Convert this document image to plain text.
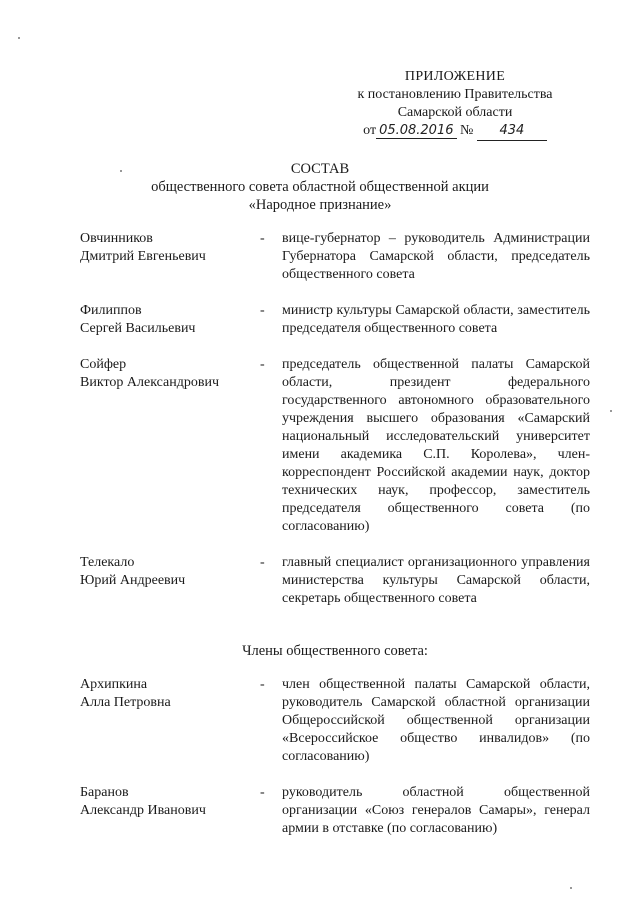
ПРИЛОЖЕНИЕ
к постановлению Правительства
Самарской области
от 05.08.2016 № 434
СОСТАВ
общественного совета областной общественной акции
«Народное признание»
Овчинников
Дмитрий Евгеньевич
-	вице-губернатор – руководитель Администрации Губернатора Самарской области, председатель общественного совета
Филиппов
Сергей Васильевич
-	министр культуры Самарской области, заместитель председателя общественного совета
Сойфер
Виктор Александрович
-	председатель общественной палаты Самарской области, президент федерального государственного автономного образовательного учреждения высшего образования «Самарский национальный исследовательский университет имени академика С.П. Королева», член-корреспондент Российской академии наук, доктор технических наук, профессор, заместитель председателя общественного совета (по согласованию)
Телекало
Юрий Андреевич
-	главный специалист организационного управления министерства культуры Самарской области, секретарь общественного совета
Члены общественного совета:
Архипкина
Алла Петровна
-	член общественной палаты Самарской области, руководитель Самарской областной организации Общероссийской общественной организации «Всероссийское общество инвалидов» (по согласованию)
Баранов
Александр Иванович
-	руководитель областной общественной организации «Союз генералов Самары», генерал армии в отставке (по согласованию)
